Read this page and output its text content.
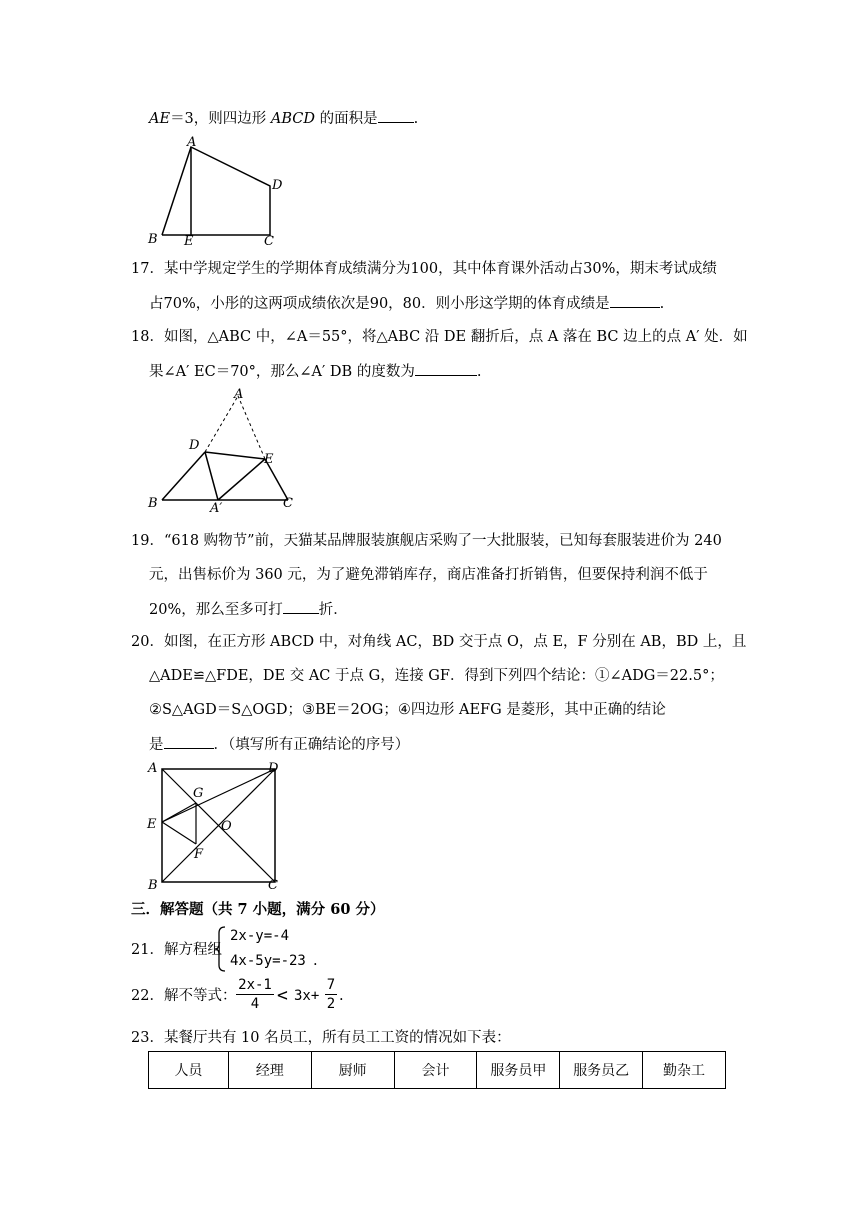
AE＝3，则四边形 ABCD 的面积是 .
A
B E	C
D
17．某中学规定学生的学期体育成绩满分为100，其中体育课外活动占30%，期末考试成绩
占70%，小彤的这两项成绩依次是90，80．则小彤这学期的体育成绩是	.
18．如图，△ABC 中，∠A＝55°，将△ABC 沿 DE 翻折后，点 A 落在 BC 边上的点 A′ 处．如
果∠A′ EC＝70°，那么∠A′ DB 的度数为	.
A
D
E
B	C
A′
19．“618 购物节”前，天猫某品牌服装旗舰店采购了一大批服装，已知每套服装进价为 240
元，出售标价为 360 元，为了避免滞销库存，商店准备打折销售，但要保持利润不低于
20%，那么至多可打 折．
20．如图，在正方形 ABCD 中，对角线 AC，BD 交于点 O，点 E，F 分别在 AB，BD 上，且
△ADE≌△FDE，DE 交 AC 于点 G，连接 GF．得到下列四个结论：①∠ADG＝22.5°；
②S△AGD＝S△OGD；③BE＝2OG；④四边形 AEFG 是菱形，其中正确的结论
是	．（填写所有正确结论的序号）
A	D
G
E	O
F
B	C
三．解答题（共 7 小题，满分 60 分）
21．解方程组
2x-y=-4
4x-5y=-23 .
22．解不等式：
2x-1
4 < 3x+
7
2 .
23．某餐厅共有 10 名员工，所有员工工资的情况如下表：
人员	经理	厨师	会计	服务员甲	服务员乙	勤杂工
